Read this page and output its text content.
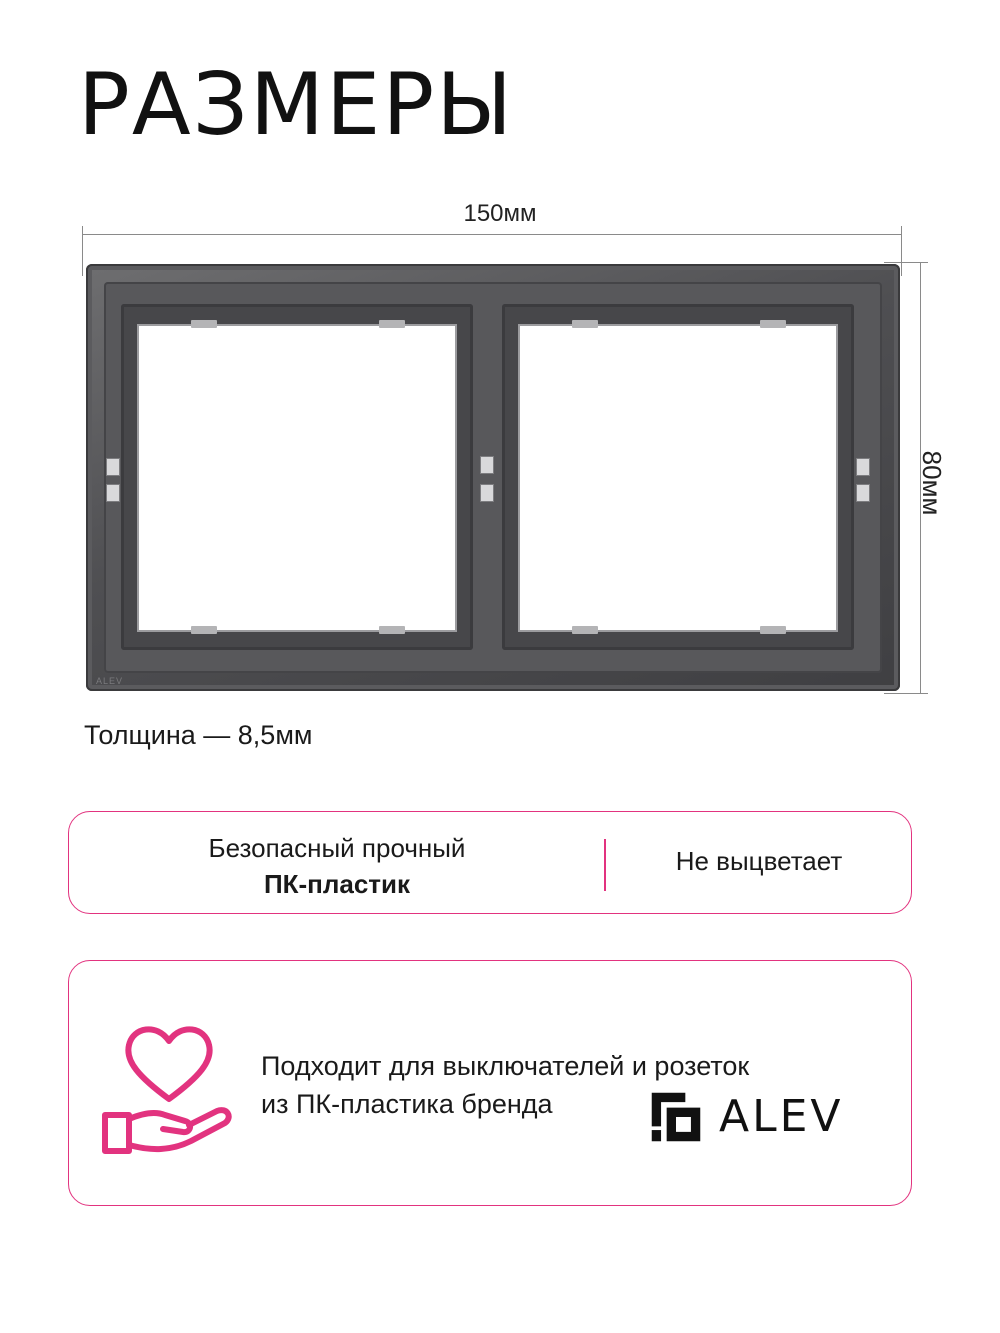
РАЗМЕРЫ
150мм
80мм
ALEV
Толщина — 8,5мм
Безопасный прочный
ПК-пластик
Не выцветает
Подходит для выключателей и розеток
из ПК-пластика бренда	ALEV
